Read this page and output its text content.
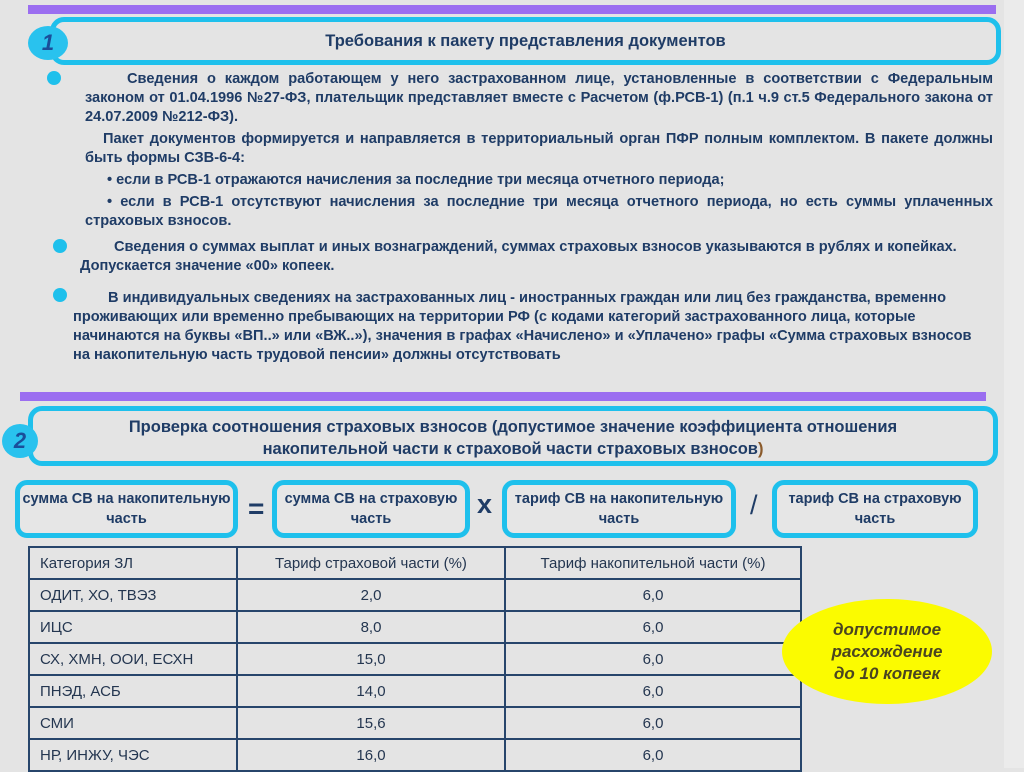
Требования к пакету представления документов
1

Сведения о каждом работающем у него застрахованном лице, установленные в соответствии с Федеральным законом от 01.04.1996 №27-ФЗ, плательщик представляет вместе с Расчетом (ф.РСВ-1) (п.1 ч.9 ст.5 Федерального закона от 24.07.2009 №212-ФЗ).

Пакет документов формируется и направляется в территориальный орган ПФР полным комплектом. В пакете должны быть формы СЗВ-6-4:

• если в РСВ-1 отражаются начисления за последние три месяца отчетного периода;

• если в РСВ-1 отсутствуют начисления за последние три месяца отчетного периода, но есть суммы уплаченных страховых взносов.

Сведения о суммах выплат и иных вознаграждений, суммах страховых взносов указываются в рублях и копейках. Допускается значение «00» копеек.

В индивидуальных сведениях на застрахованных лиц - иностранных граждан или лиц без гражданства, временно проживающих или временно пребывающих на территории РФ (с кодами категорий застрахованного лица, которые начинаются на буквы «ВП..» или «ВЖ..»), значения в графах «Начислено» и «Уплачено» графы «Сумма страховых взносов на накопительную часть трудовой пенсии» должны отсутствовать

Проверка соотношения страховых взносов (допустимое значение коэффициента отношения
накопительной части к страховой части страховых взносов)
2
сумма СВ на накопительную часть	=	сумма СВ на страховую часть	x	тариф СВ на накопительную часть	/	тариф СВ на страховую часть
Категория ЗЛ	Тариф страховой части (%)	Тариф накопительной части (%)
ОДИТ, ХО, ТВЭЗ	2,0	6,0
ИЦС	8,0	6,0
СХ, ХМН, ООИ, ЕСХН	15,0	6,0
ПНЭД, АСБ	14,0	6,0
СМИ	15,6	6,0
НР, ИНЖУ, ЧЭС	16,0	6,0
допустимое
расхождение
до 10 копеек
